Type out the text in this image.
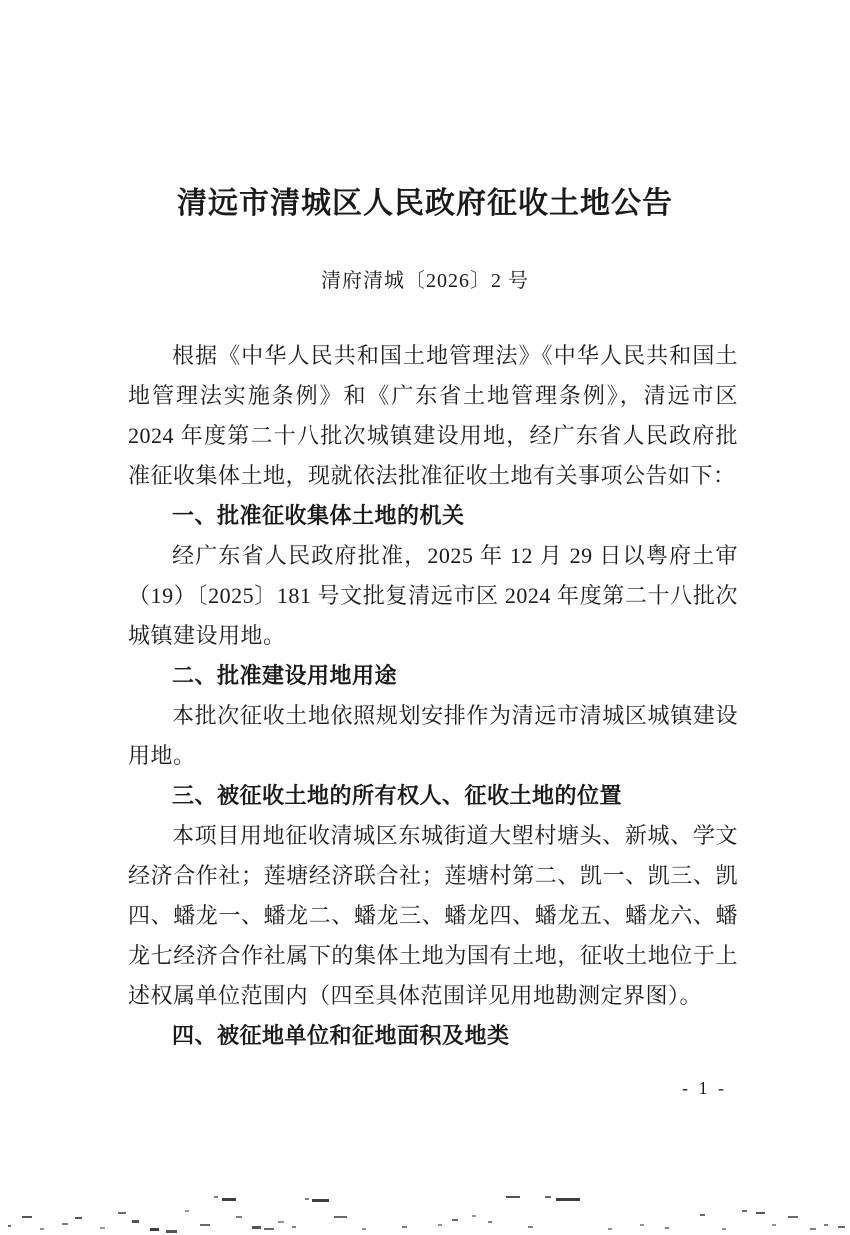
清远市清城区人民政府征收土地公告
清府清城〔2026〕2 号

根据《中华人民共和国土地管理法》《中华人民共和国土地管理法实施条例》和《广东省土地管理条例》，清远市区 2024 年度第二十八批次城镇建设用地，经广东省人民政府批准征收集体土地，现就依法批准征收土地有关事项公告如下：

一、批准征收集体土地的机关

经广东省人民政府批准，2025 年 12 月 29 日以粤府土审（19）〔2025〕181 号文批复清远市区 2024 年度第二十八批次城镇建设用地。

二、批准建设用地用途

本批次征收土地依照规划安排作为清远市清城区城镇建设用地。

三、被征收土地的所有权人、征收土地的位置

本项目用地征收清城区东城街道大塱村塘头、新城、学文经济合作社；莲塘经济联合社；莲塘村第二、凯一、凯三、凯四、蟠龙一、蟠龙二、蟠龙三、蟠龙四、蟠龙五、蟠龙六、蟠龙七经济合作社属下的集体土地为国有土地，征收土地位于上述权属单位范围内（四至具体范围详见用地勘测定界图）。

四、被征地单位和征地面积及地类

- 1 -
